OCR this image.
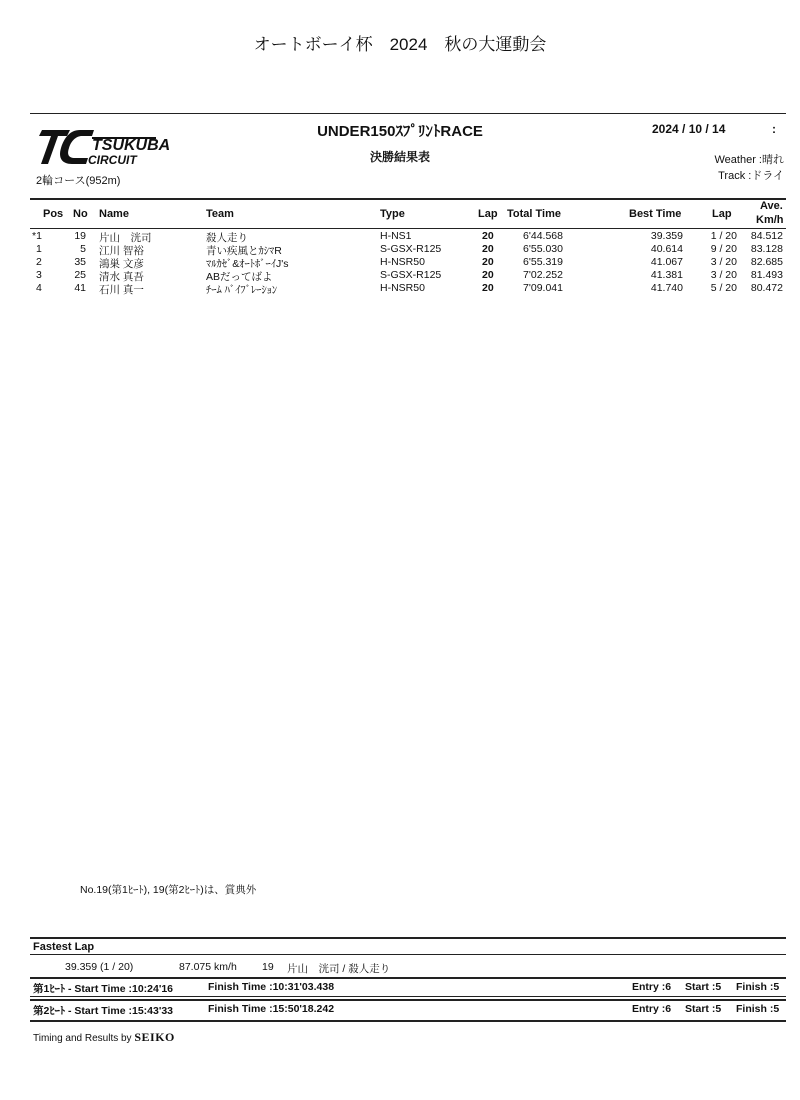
オートボーイ杯　2024　秋の大運動会
TSUKUBA
CIRCUIT
2輪コース(952m)
UNDER150ｽﾌﾟﾘﾝﾄRACE
決勝結果表
2024 / 10 / 14	:
Weather :晴れ
Track :ドライ
Pos No Name	Team	Type	Lap Total Time	Best Time	Lap
Ave.
Km/h
*1	19 片山　洸司	殺人走り	H-NS1	20	6'44.568	39.359	1 / 20	84.512
1	5 江川 智裕	青い疾風とｶｼﾏR	S-GSX-R125	20	6'55.030	40.614	9 / 20	83.128
2	35 鴻巣 文彦	ﾏﾙｶｾﾞ&ｵｰﾄﾎﾞｰｲJ's	H-NSR50	20	6'55.319	41.067	3 / 20	82.685
3	25 清水 真吾	ABだってばよ	S-GSX-R125	20	7'02.252	41.381	3 / 20	81.493
4	41 石川 真一	ﾁｰﾑ ﾊﾞｲﾌﾞﾚｰｼｮﾝ	H-NSR50	20	7'09.041	41.740	5 / 20	80.472
No.19(第1ﾋｰﾄ), 19(第2ﾋｰﾄ)は、賞典外
Fastest Lap
39.359 (1 / 20)	87.075 km/h 19 片山　洸司 / 殺人走り
第1ﾋｰﾄ - Start Time :10:24'16	Finish Time :10:31'03.438	Entry :6 Start :5 Finish :5
第2ﾋｰﾄ - Start Time :15:43'33	Finish Time :15:50'18.242	Entry :6 Start :5 Finish :5
Timing and Results by SEIKO
